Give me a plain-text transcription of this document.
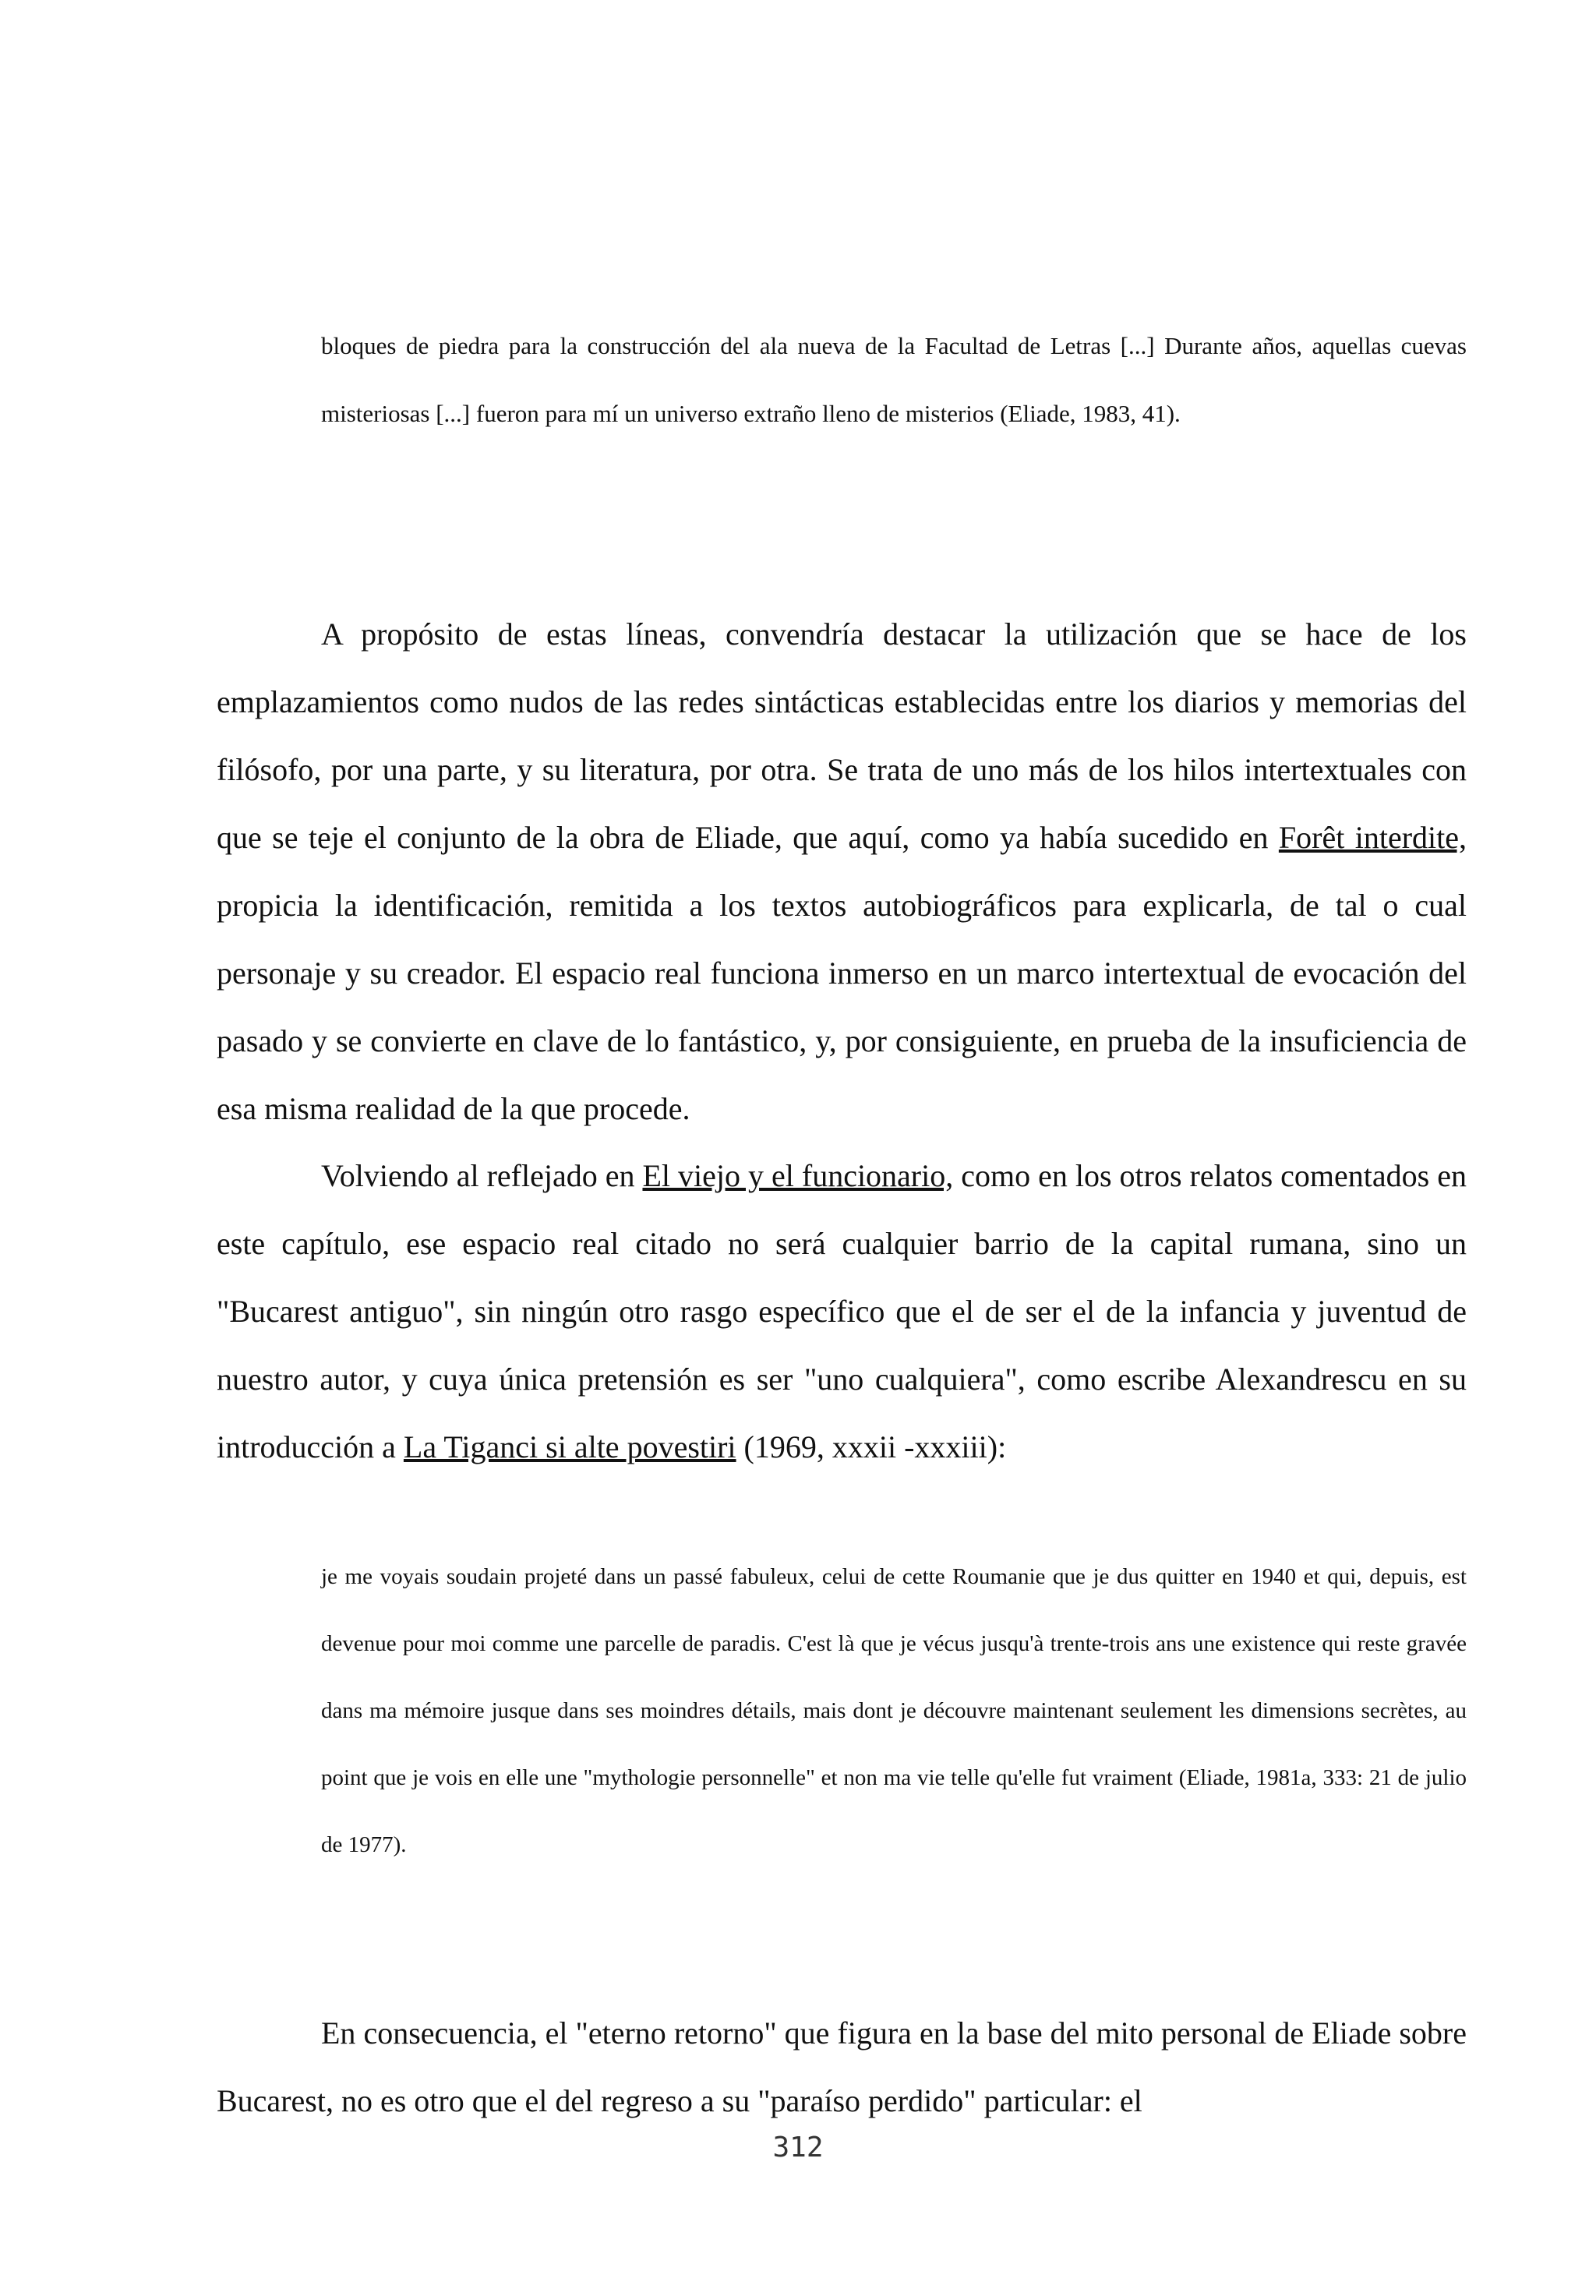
bloques de piedra para la construcción del ala nueva de la Facultad de Letras [...] Durante años, aquellas cuevas misteriosas [...] fueron para mí un universo extraño lleno de misterios (Eliade, 1983, 41).

A propósito de estas líneas, convendría destacar la utilización que se hace de los emplazamientos como nudos de las redes sintácticas establecidas entre los diarios y memorias del filósofo, por una parte, y su literatura, por otra. Se trata de uno más de los hilos intertextuales con que se teje el conjunto de la obra de Eliade, que aquí, como ya había sucedido en Forêt interdite, propicia la identificación, remitida a los textos autobiográficos para explicarla, de tal o cual personaje y su creador. El espacio real funciona inmerso en un marco intertextual de evocación del pasado y se convierte en clave de lo fantástico, y, por consiguiente, en prueba de la insuficiencia de esa misma realidad de la que procede.

Volviendo al reflejado en El viejo y el funcionario, como en los otros relatos comentados en este capítulo, ese espacio real citado no será cualquier barrio de la capital rumana, sino un "Bucarest antiguo", sin ningún otro rasgo específico que el de ser el de la infancia y juventud de nuestro autor, y cuya única pretensión es ser "uno cualquiera", como escribe Alexandrescu en su introducción a La Tiganci si alte povestiri (1969, xxxii -xxxiii):

je me voyais soudain projeté dans un passé fabuleux, celui de cette Roumanie que je dus quitter en 1940 et qui, depuis, est devenue pour moi comme une parcelle de paradis. C'est là que je vécus jusqu'à trente-trois ans une existence qui reste gravée dans ma mémoire jusque dans ses moindres détails, mais dont je découvre maintenant seulement les dimensions secrètes, au point que je vois en elle une "mythologie personnelle" et non ma vie telle qu'elle fut vraiment (Eliade, 1981a, 333: 21 de julio de 1977).

En consecuencia, el "eterno retorno" que figura en la base del mito personal de Eliade sobre Bucarest, no es otro que el del regreso a su "paraíso perdido" particular: el

312
